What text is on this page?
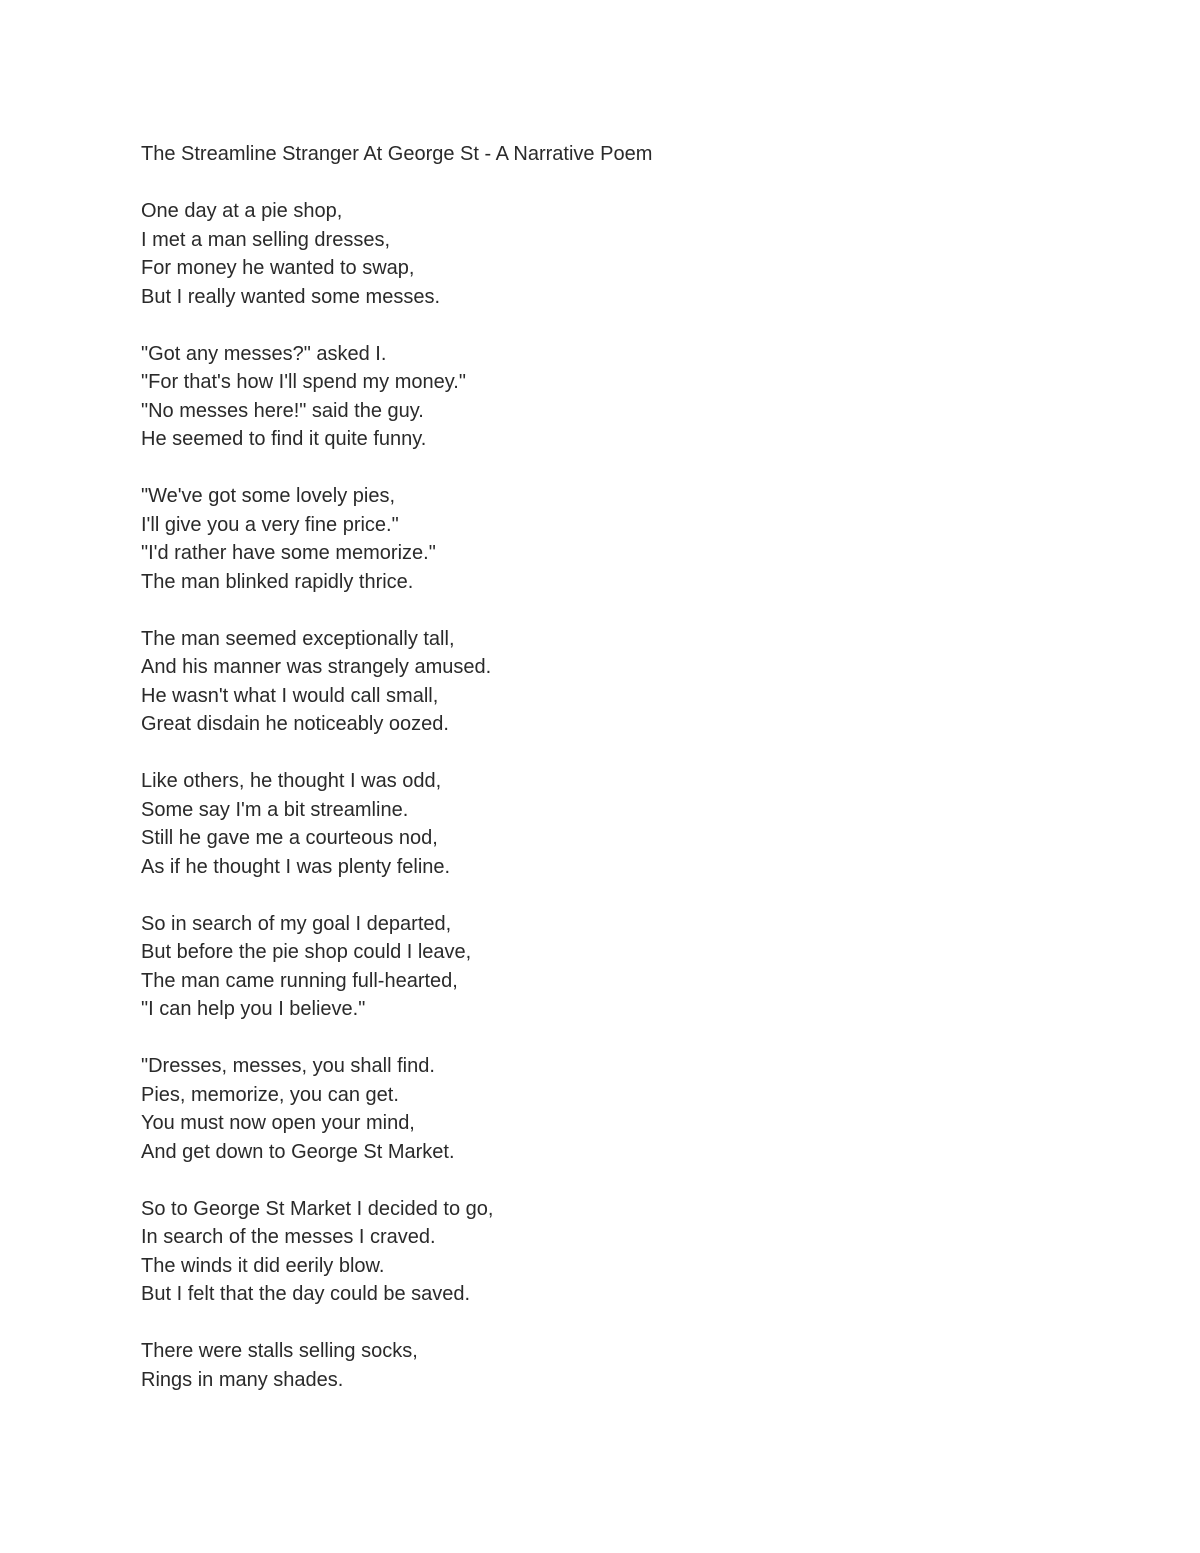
The Streamline Stranger At George St - A Narrative Poem
One day at a pie shop,
I met a man selling dresses,
For money he wanted to swap,
But I really wanted some messes.
"Got any messes?" asked I.
"For that's how I'll spend my money."
"No messes here!" said the guy.
He seemed to find it quite funny.
"We've got some lovely pies,
I'll give you a very fine price."
"I'd rather have some memorize."
The man blinked rapidly thrice.
The man seemed exceptionally tall,
And his manner was strangely amused.
He wasn't what I would call small,
Great disdain he noticeably oozed.
Like others, he thought I was odd,
Some say I'm a bit streamline.
Still he gave me a courteous nod,
As if he thought I was plenty feline.
So in search of my goal I departed,
But before the pie shop could I leave,
The man came running full-hearted,
"I can help you I believe."
"Dresses, messes, you shall find.
Pies, memorize, you can get.
You must now open your mind,
And get down to George St Market.
So to George St Market I decided to go,
In search of the messes I craved.
The winds it did eerily blow.
But I felt that the day could be saved.
There were stalls selling socks,
Rings in many shades.
